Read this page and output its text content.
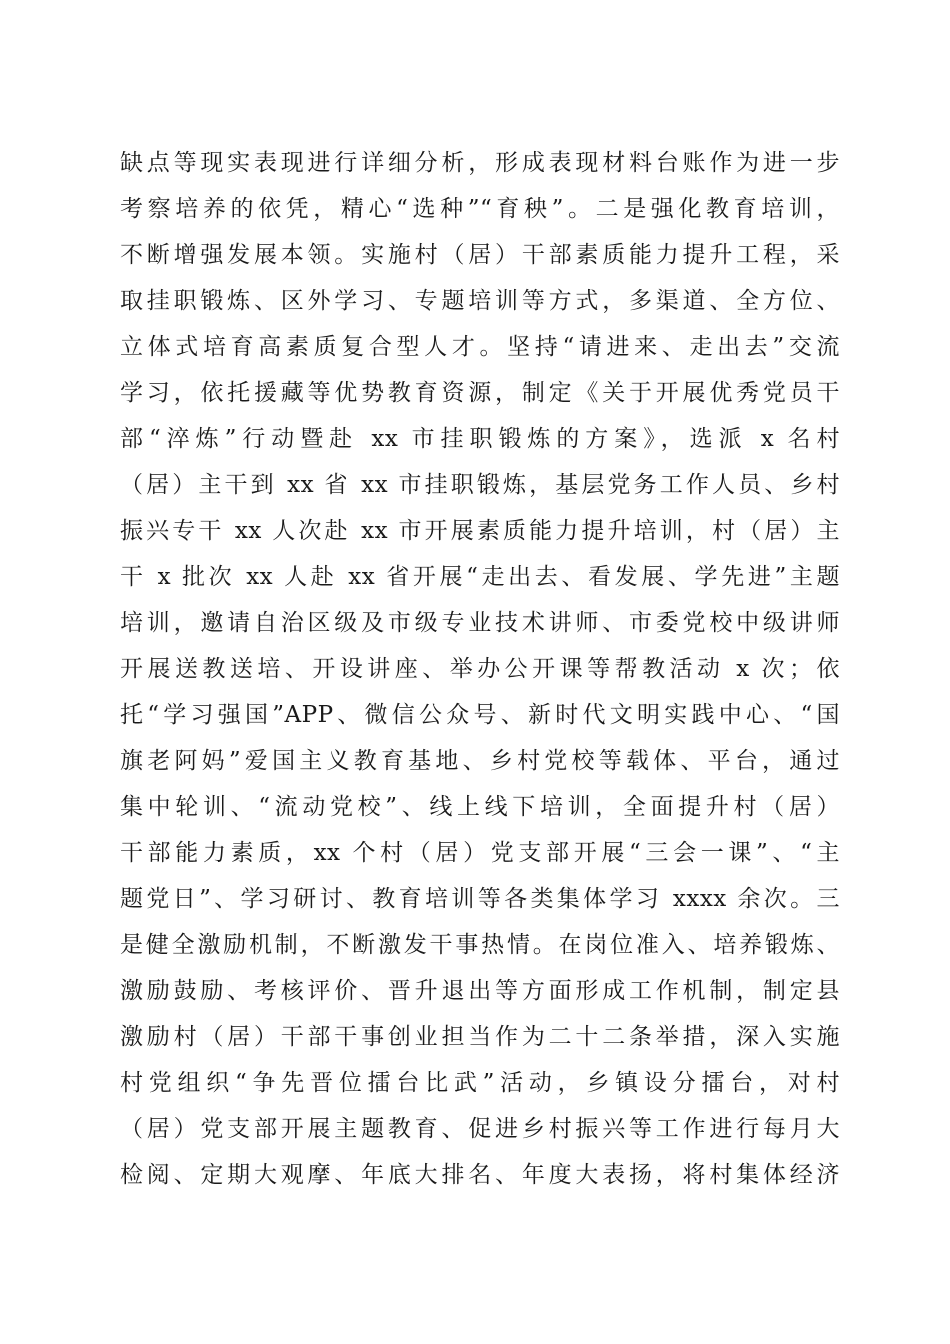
缺点等现实表现进行详细分析，形成表现材料台账作为进一步
考察培养的依凭，精心“选种”“育秧”。二是强化教育培训，
不断增强发展本领。实施村（居）干部素质能力提升工程，采
取挂职锻炼、区外学习、专题培训等方式，多渠道、全方位、
立体式培育高素质复合型人才。坚持“请进来、走出去”交流
学习，依托援藏等优势教育资源，制定《关于开展优秀党员干
部“淬炼”行动暨赴 xx 市挂职锻炼的方案》，选派 x 名村
（居）主干到 xx 省 xx 市挂职锻炼，基层党务工作人员、乡村
振兴专干 xx 人次赴 xx 市开展素质能力提升培训，村（居）主
干 x 批次 xx 人赴 xx 省开展“走出去、看发展、学先进”主题
培训，邀请自治区级及市级专业技术讲师、市委党校中级讲师
开展送教送培、开设讲座、举办公开课等帮教活动 x 次；依
托“学习强国”APP、微信公众号、新时代文明实践中心、“国
旗老阿妈”爱国主义教育基地、乡村党校等载体、平台，通过
集中轮训、“流动党校”、线上线下培训，全面提升村（居）
干部能力素质，xx 个村（居）党支部开展“三会一课”、“主
题党日”、学习研讨、教育培训等各类集体学习 xxxx 余次。三
是健全激励机制，不断激发干事热情。在岗位准入、培养锻炼、
激励鼓励、考核评价、晋升退出等方面形成工作机制，制定县
激励村（居）干部干事创业担当作为二十二条举措，深入实施
村党组织“争先晋位擂台比武”活动，乡镇设分擂台，对村
（居）党支部开展主题教育、促进乡村振兴等工作进行每月大
检阅、定期大观摩、年底大排名、年度大表扬，将村集体经济
